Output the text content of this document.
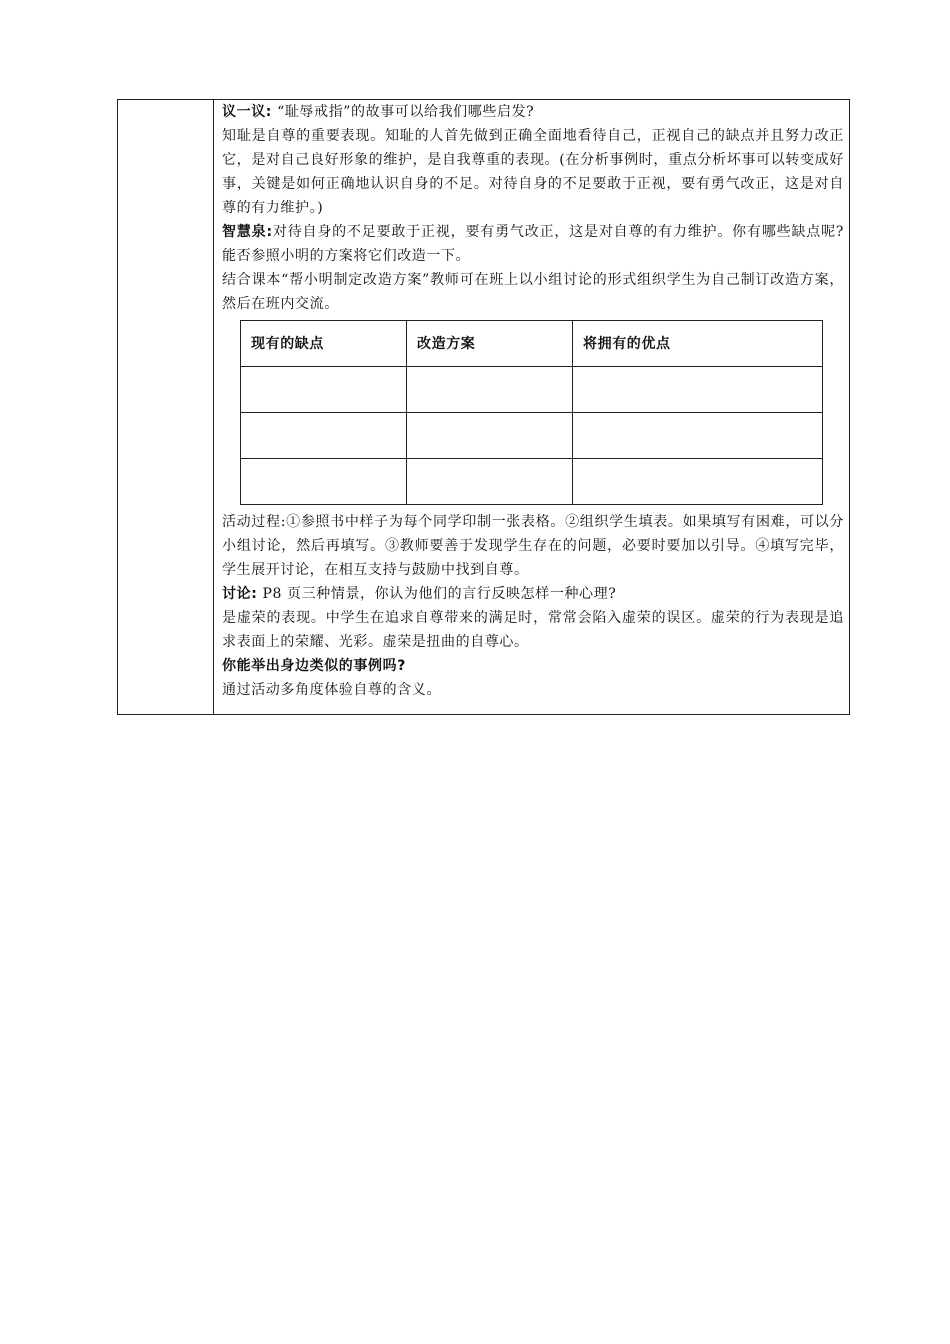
议一议: “耻辱戒指”的故事可以给我们哪些启发?

知耻是自尊的重要表现。知耻的人首先做到正确全面地看待自己，正视自己的缺点并且努力改正它，是对自己良好形象的维护，是自我尊重的表现。(在分析事例时，重点分析坏事可以转变成好事，关键是如何正确地认识自身的不足。对待自身的不足要敢于正视，要有勇气改正，这是对自尊的有力维护。)

智慧泉:对待自身的不足要敢于正视，要有勇气改正，这是对自尊的有力维护。你有哪些缺点呢?能否参照小明的方案将它们改造一下。

结合课本“帮小明制定改造方案”教师可在班上以小组讨论的形式组织学生为自己制订改造方案，然后在班内交流。

现有的缺点	改造方案	将拥有的优点

活动过程:①参照书中样子为每个同学印制一张表格。②组织学生填表。如果填写有困难，可以分小组讨论，然后再填写。③教师要善于发现学生存在的问题，必要时要加以引导。④填写完毕，学生展开讨论，在相互支持与鼓励中找到自尊。

讨论: P8 页三种情景，你认为他们的言行反映怎样一种心理?

是虚荣的表现。中学生在追求自尊带来的满足时，常常会陷入虚荣的误区。虚荣的行为表现是追求表面上的荣耀、光彩。虚荣是扭曲的自尊心。

你能举出身边类似的事例吗?

通过活动多角度体验自尊的含义。
